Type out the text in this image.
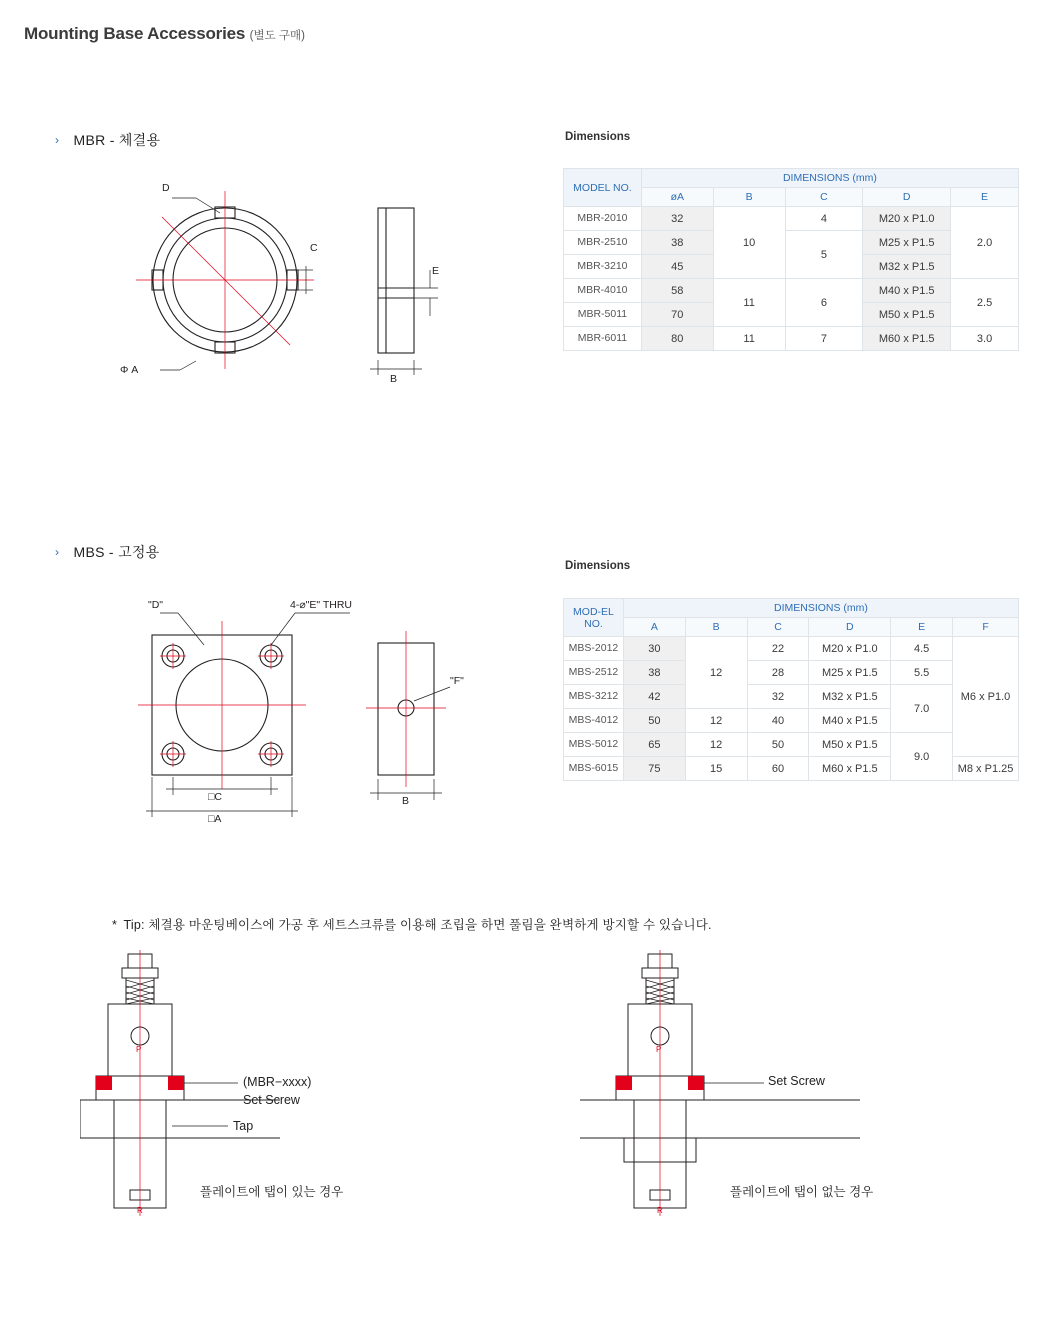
Mounting Base Accessories (별도 구매)
› MBR - 체결용	Dimensions
D
C
E
Φ A
B
MODEL NO.	DIMENSIONS (mm)				
	øA	B	C	D	E
MBR-2010	32	10	4	M20 x P1.0	2.0
MBR-2510	38		5	M25 x P1.5	
MBR-3210	45			M32 x P1.5	
MBR-4010	58	11	6	M40 x P1.5	2.5
MBR-5011	70			M50 x P1.5	
MBR-6011	80	11	7	M60 x P1.5	3.0
› MBS - 고정용
Dimensions
"D"	4-⌀"E" THRU
"F"
□C
□A
B
MOD-EL NO.	DIMENSIONS (mm)					
	A	B	C	D	E	F
MBS-2012	30	12	22	M20 x P1.0	4.5	M6 x P1.0
MBS-2512	38		28	M25 x P1.5	5.5	
MBS-3212	42		32	M32 x P1.5	7.0	
MBS-4012	50	12	40	M40 x P1.5		
MBS-5012	65	12	50	M50 x P1.5	9.0	
MBS-6015	75	15	60	M60 x P1.5		M8 x P1.25
* Tip: 체결용 마운팅베이스에 가공 후 세트스크류를 이용해 조립을 하면 풀림을 완벽하게 방지할 수 있습니다.
P
R
(MBR−xxxx)
Set Screw
Tap
플레이트에 탭이 있는 경우
P
R
Set Screw
플레이트에 탭이 없는 경우
